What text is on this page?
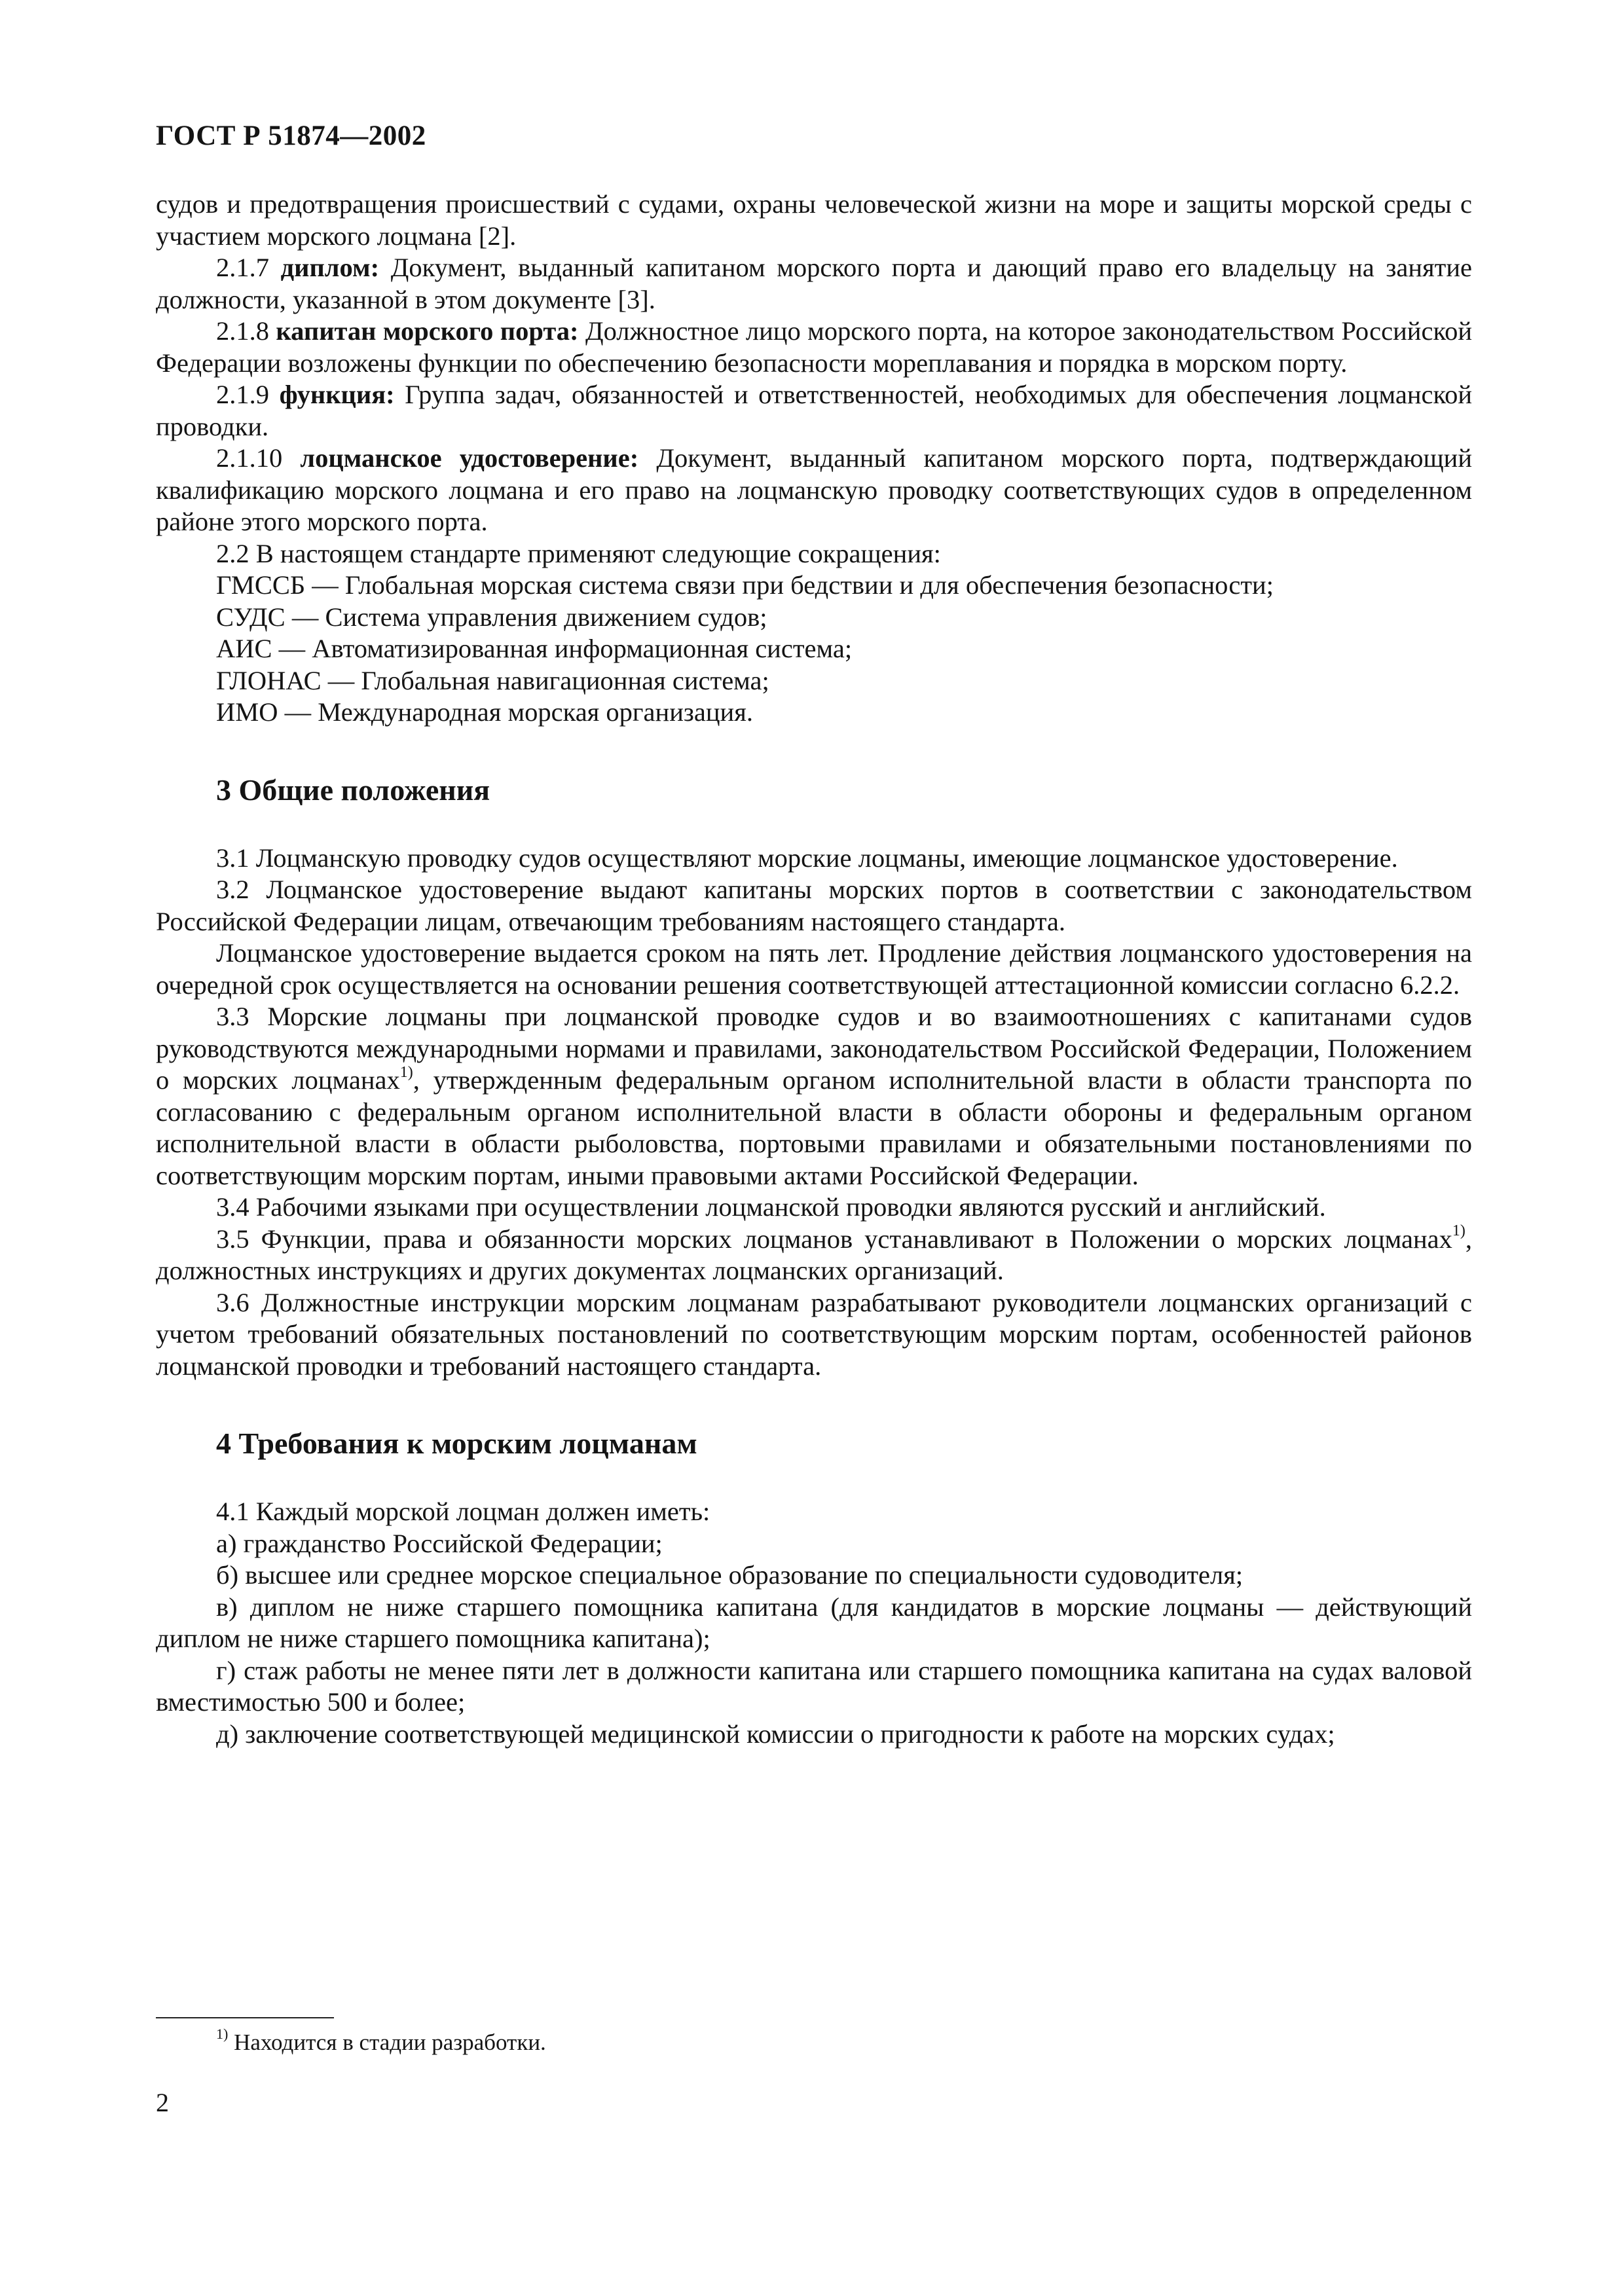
ГОСТ Р 51874—2002

судов и предотвращения происшествий с судами, охраны человеческой жизни на море и защиты морской среды с участием морского лоцмана [2].

2.1.7 диплом: Документ, выданный капитаном морского порта и дающий право его владельцу на занятие должности, указанной в этом документе [3].

2.1.8 капитан морского порта: Должностное лицо морского порта, на которое законодательством Российской Федерации возложены функции по обеспечению безопасности мореплавания и порядка в морском порту.

2.1.9 функция: Группа задач, обязанностей и ответственностей, необходимых для обеспечения лоцманской проводки.

2.1.10 лоцманское удостоверение: Документ, выданный капитаном морского порта, подтверждающий квалификацию морского лоцмана и его право на лоцманскую проводку соответствующих судов в определенном районе этого морского порта.

2.2 В настоящем стандарте применяют следующие сокращения:

ГМССБ — Глобальная морская система связи при бедствии и для обеспечения безопасности;

СУДС — Система управления движением судов;

АИС — Автоматизированная информационная система;

ГЛОНАС — Глобальная навигационная система;

ИМО — Международная морская организация.

3 Общие положения

3.1 Лоцманскую проводку судов осуществляют морские лоцманы, имеющие лоцманское удостоверение.

3.2 Лоцманское удостоверение выдают капитаны морских портов в соответствии с законодательством Российской Федерации лицам, отвечающим требованиям настоящего стандарта.

Лоцманское удостоверение выдается сроком на пять лет. Продление действия лоцманского удостоверения на очередной срок осуществляется на основании решения соответствующей аттестационной комиссии согласно 6.2.2.

3.3 Морские лоцманы при лоцманской проводке судов и во взаимоотношениях с капитанами судов руководствуются международными нормами и правилами, законодательством Российской Федерации, Положением о морских лоцманах$^{1)}$, утвержденным федеральным органом исполнительной власти в области транспорта по согласованию с федеральным органом исполнительной власти в области обороны и федеральным органом исполнительной власти в области рыболовства, портовыми правилами и обязательными постановлениями по соответствующим морским портам, иными правовыми актами Российской Федерации.

3.4 Рабочими языками при осуществлении лоцманской проводки являются русский и английский.

3.5 Функции, права и обязанности морских лоцманов устанавливают в Положении о морских лоцманах$^{1)}$, должностных инструкциях и других документах лоцманских организаций.

3.6 Должностные инструкции морским лоцманам разрабатывают руководители лоцманских организаций с учетом требований обязательных постановлений по соответствующим морским портам, особенностей районов лоцманской проводки и требований настоящего стандарта.

4 Требования к морским лоцманам

4.1 Каждый морской лоцман должен иметь:

а) гражданство Российской Федерации;

б) высшее или среднее морское специальное образование по специальности судоводителя;

в) диплом не ниже старшего помощника капитана (для кандидатов в морские лоцманы — действующий диплом не ниже старшего помощника капитана);

г) стаж работы не менее пяти лет в должности капитана или старшего помощника капитана на судах валовой вместимостью 500 и более;

д) заключение соответствующей медицинской комиссии о пригодности к работе на морских судах;

$^{1)}$ Находится в стадии разработки.
2
